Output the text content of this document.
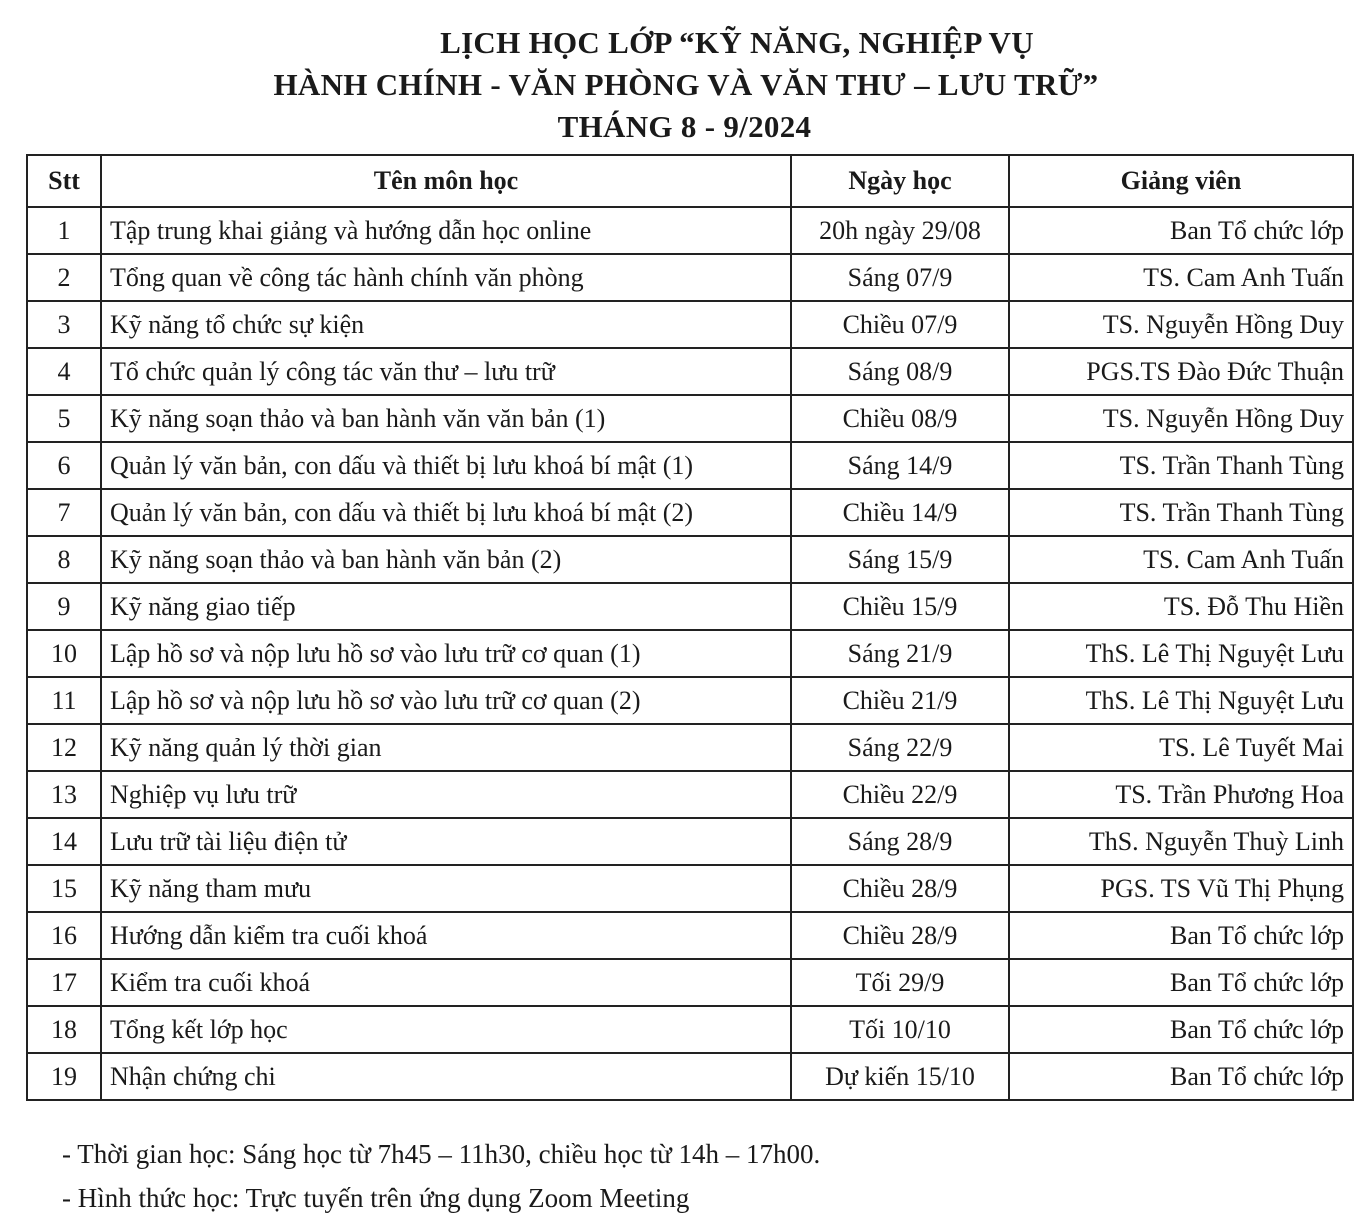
LỊCH HỌC LỚP “KỸ NĂNG, NGHIỆP VỤ
HÀNH CHÍNH - VĂN PHÒNG VÀ VĂN THƯ – LƯU TRỮ”
THÁNG 8 - 9/2024
Stt	Tên môn học	Ngày học	Giảng viên
1	Tập trung khai giảng và hướng dẫn học online	20h ngày 29/08	Ban Tổ chức lớp
2	Tổng quan về công tác hành chính văn phòng	Sáng 07/9	TS. Cam Anh Tuấn
3	Kỹ năng tổ chức sự kiện	Chiều 07/9	TS. Nguyễn Hồng Duy
4	Tổ chức quản lý công tác văn thư – lưu trữ	Sáng 08/9	PGS.TS Đào Đức Thuận
5	Kỹ năng soạn thảo và ban hành văn văn bản (1)	Chiều 08/9	TS. Nguyễn Hồng Duy
6	Quản lý văn bản, con dấu và thiết bị lưu khoá bí mật (1)	Sáng 14/9	TS. Trần Thanh Tùng
7	Quản lý văn bản, con dấu và thiết bị lưu khoá bí mật (2)	Chiều 14/9	TS. Trần Thanh Tùng
8	Kỹ năng soạn thảo và ban hành văn bản (2)	Sáng 15/9	TS. Cam Anh Tuấn
9	Kỹ năng giao tiếp	Chiều 15/9	TS. Đỗ Thu Hiền
10	Lập hồ sơ và nộp lưu hồ sơ vào lưu trữ cơ quan (1)	Sáng 21/9	ThS. Lê Thị Nguyệt Lưu
11	Lập hồ sơ và nộp lưu hồ sơ vào lưu trữ cơ quan (2)	Chiều 21/9	ThS. Lê Thị Nguyệt Lưu
12	Kỹ năng quản lý thời gian	Sáng 22/9	TS. Lê Tuyết Mai
13	Nghiệp vụ lưu trữ	Chiều 22/9	TS. Trần Phương Hoa
14	Lưu trữ tài liệu điện tử	Sáng 28/9	ThS. Nguyễn Thuỳ Linh
15	Kỹ năng tham mưu	Chiều 28/9	PGS. TS Vũ Thị Phụng
16	Hướng dẫn kiểm tra cuối khoá	Chiều 28/9	Ban Tổ chức lớp
17	Kiểm tra cuối khoá	Tối 29/9	Ban Tổ chức lớp
18	Tổng kết lớp học	Tối 10/10	Ban Tổ chức lớp
19	Nhận chứng chi	Dự kiến 15/10	Ban Tổ chức lớp
- Thời gian học: Sáng học từ 7h45 – 11h30, chiều học từ 14h – 17h00.
- Hình thức học: Trực tuyến trên ứng dụng Zoom Meeting
